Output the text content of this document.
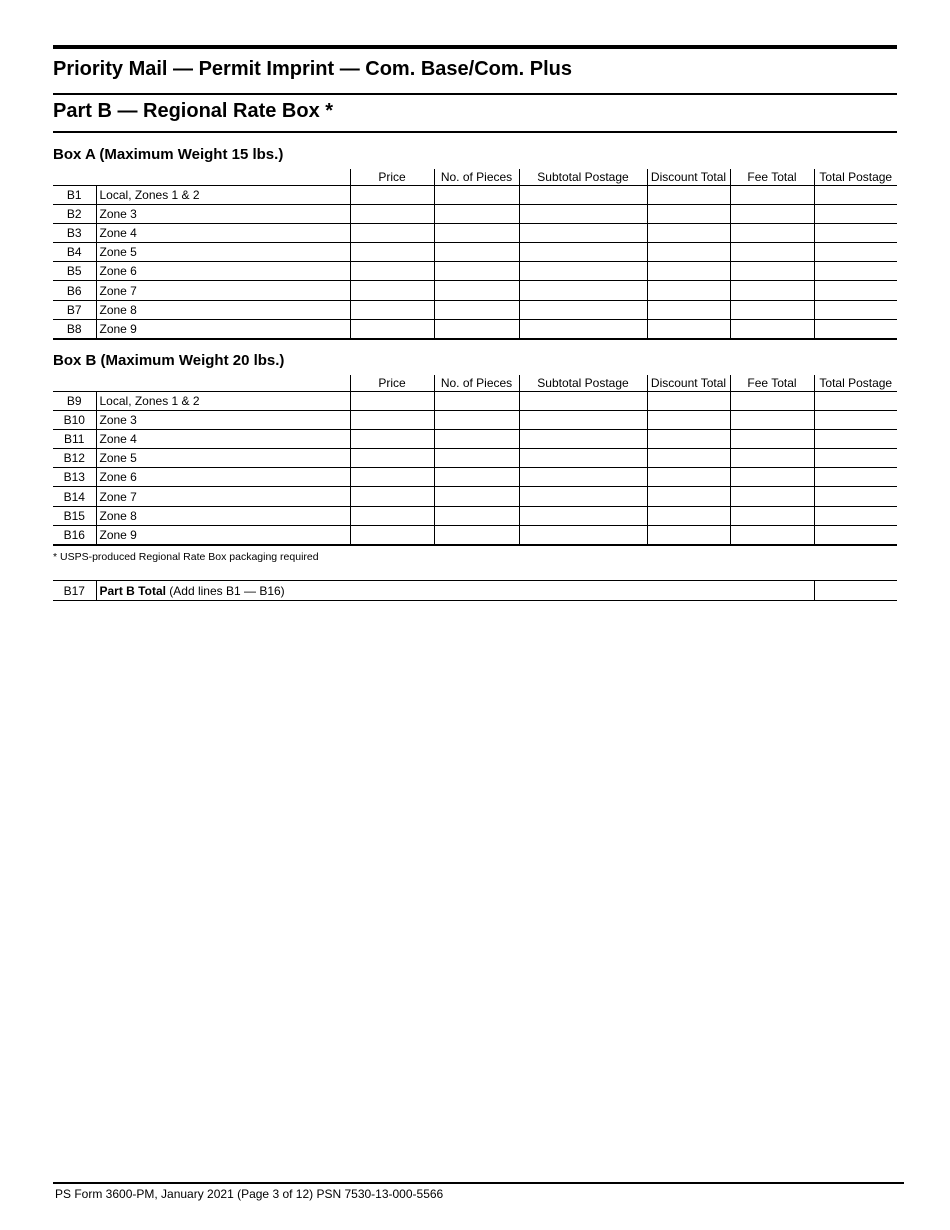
Priority Mail — Permit Imprint — Com. Base/Com. Plus
Part B — Regional Rate Box *
Box A (Maximum Weight 15 lbs.)
		Price	No. of Pieces	Subtotal Postage	Discount Total	Fee Total	Total Postage
B1	Local, Zones 1 & 2						
B2	Zone 3						
B3	Zone 4						
B4	Zone 5						
B5	Zone 6						
B6	Zone 7						
B7	Zone 8						
B8	Zone 9						
Box B (Maximum Weight 20 lbs.)
		Price	No. of Pieces	Subtotal Postage	Discount Total	Fee Total	Total Postage
B9	Local, Zones 1 & 2						
B10	Zone 3						
B11	Zone 4						
B12	Zone 5						
B13	Zone 6						
B14	Zone 7						
B15	Zone 8						
B16	Zone 9						
* USPS-produced Regional Rate Box packaging required
B17	Part B Total (Add lines B1 — B16)	
PS Form 3600-PM, January 2021 (Page 3 of 12) PSN 7530-13-000-5566
